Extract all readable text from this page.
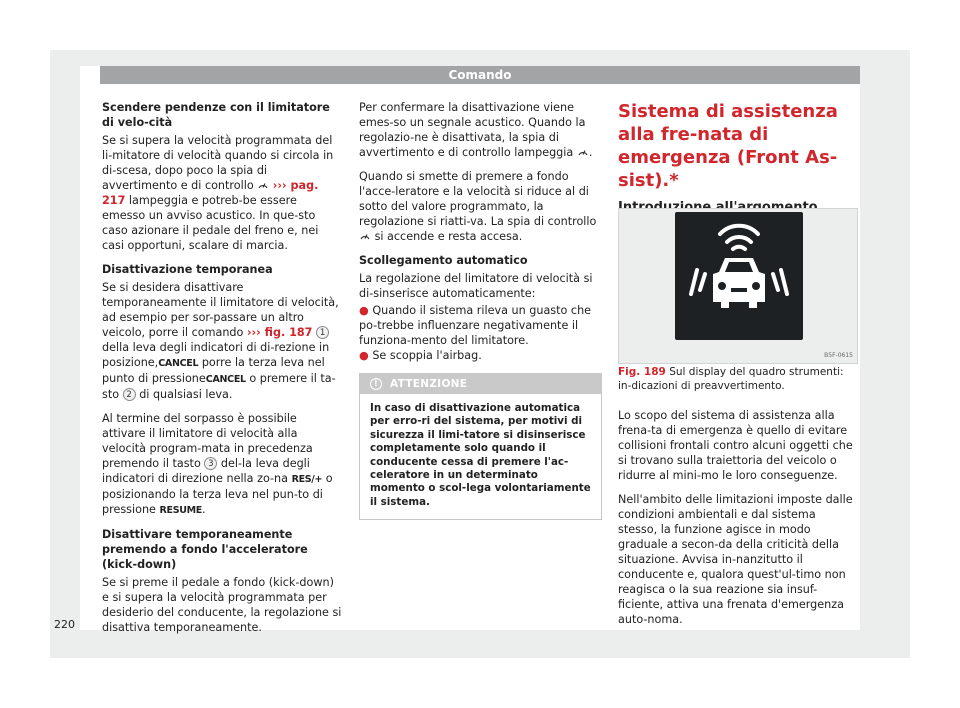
Comando
Scendere pendenze con il limitatore di velo-cità

Se si supera la velocità programmata del li-mitatore di velocità quando si circola in di-scesa, dopo poco la spia di avvertimento e di controllo ››› pag. 217 lampeggia e potreb-be essere emesso un avviso acustico. In que-sto caso azionare il pedale del freno e, nei casi opportuni, scalare di marcia.

Disattivazione temporanea

Se si desidera disattivare temporaneamente il limitatore di velocità, ad esempio per sor-passare un altro veicolo, porre il comando ››› fig. 187 1 della leva degli indicatori di di-rezione in posizione,CANCEL porre la terza leva nel punto di pressioneCANCEL o premere il ta-sto 2 di qualsiasi leva.

Al termine del sorpasso è possibile attivare il limitatore di velocità alla velocità program-mata in precedenza premendo il tasto 3 del-la leva degli indicatori di direzione nella zo-na RES/+ o posizionando la terza leva nel pun-to di pressione RESUME.

Disattivare temporaneamente premendo a fondo l'acceleratore (kick-down)

Se si preme il pedale a fondo (kick-down) e si supera la velocità programmata per desiderio del conducente, la regolazione si disattiva temporaneamente.

Per confermare la disattivazione viene emes-so un segnale acustico. Quando la regolazio-ne è disattivata, la spia di avvertimento e di controllo lampeggia .

Quando si smette di premere a fondo l'acce-leratore e la velocità si riduce al di sotto del valore programmato, la regolazione si riatti-va. La spia di controllo  si accende e resta accesa.

Scollegamento automatico

La regolazione del limitatore di velocità si di-sinserisce automaticamente:

● Quando il sistema rileva un guasto che po-trebbe influenzare negativamente il funziona-mento del limitatore.
● Se scoppia l'airbag.
!	ATTENZIONE
In caso di disattivazione automatica per erro-ri del sistema, per motivi di sicurezza il limi-tatore si disinserisce completamente solo quando il conducente cessa di premere l'ac-celeratore in un determinato momento o scol-lega volontariamente il sistema.
Sistema di assistenza alla fre-nata di emergenza (Front As-sist).*
B5F-0615
Fig. 189 Sul display del quadro strumenti: in-dicazioni di preavvertimento.

Lo scopo del sistema di assistenza alla frena-ta di emergenza è quello di evitare collisioni frontali contro alcuni oggetti che si trovano sulla traiettoria del veicolo o ridurre al mini-mo le loro conseguenze.

Nell'ambito delle limitazioni imposte dalle condizioni ambientali e dal sistema stesso, la funzione agisce in modo graduale a secon-da della criticità della situazione. Avvisa in-nanzitutto il conducente e, qualora quest'ul-timo non reagisca o la sua reazione sia insuf-ficiente, attiva una frenata d'emergenza auto-noma.

220
